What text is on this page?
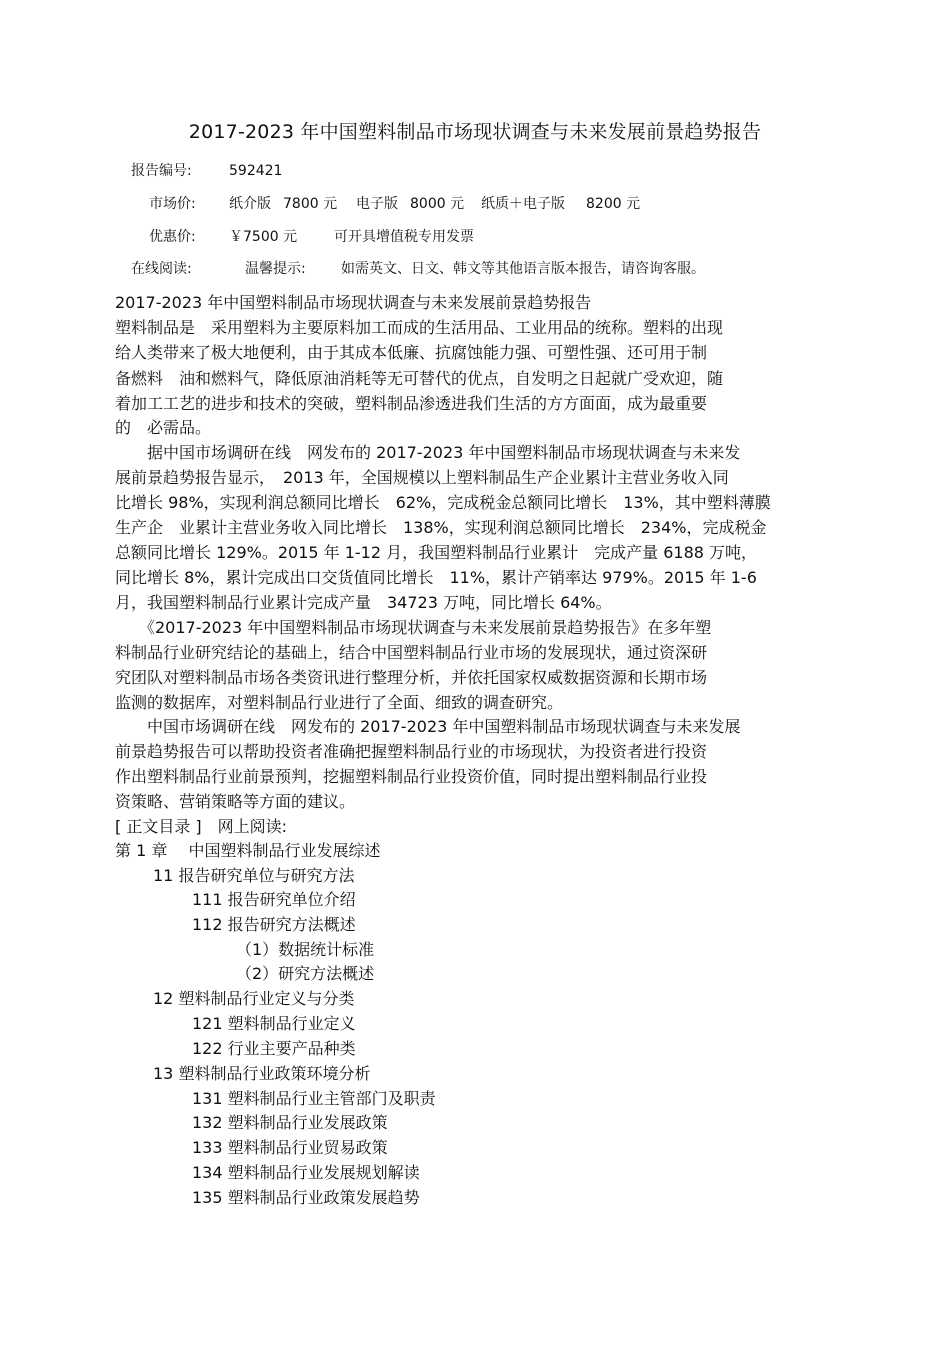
2017-2023 年中国塑料制品市场现状调查与未来发展前景趋势报告
报告编号:	592421
市场价: 纸介版 7800 元 电子版 8000 元 纸质＋电子版 8200 元
优惠价: ￥7500 元	可开具增值税专用发票
在线阅读:	温馨提示:	如需英文、日文、韩文等其他语言版本报告，请咨询客服。
2017-2023 年中国塑料制品市场现状调查与未来发展前景趋势报告
塑料制品是　采用塑料为主要原料加工而成的生活用品、工业用品的统称。塑料的出现
给人类带来了极大地便利，由于其成本低廉、抗腐蚀能力强、可塑性强、还可用于制
备燃料　油和燃料气，降低原油消耗等无可替代的优点，自发明之日起就广受欢迎，随
着加工工艺的进步和技术的突破，塑料制品渗透进我们生活的方方面面，成为最重要
的　必需品。
　　据中国市场调研在线　网发布的 2017-2023 年中国塑料制品市场现状调查与未来发
展前景趋势报告显示，　2013 年，全国规模以上塑料制品生产企业累计主营业务收入同
比增长 98%，实现利润总额同比增长　62%，完成税金总额同比增长　13%，其中塑料薄膜
生产企　业累计主营业务收入同比增长　138%，实现利润总额同比增长　234%，完成税金
总额同比增长 129%。2015 年 1-12 月，我国塑料制品行业累计　完成产量 6188 万吨，
同比增长 8%，累计完成出口交货值同比增长　11%，累计产销率达 979%。2015 年 1-6
月，我国塑料制品行业累计完成产量　34723 万吨，同比增长 64%。
　　《2017-2023 年中国塑料制品市场现状调查与未来发展前景趋势报告》在多年塑
料制品行业研究结论的基础上，结合中国塑料制品行业市场的发展现状，通过资深研
究团队对塑料制品市场各类资讯进行整理分析，并依托国家权威数据资源和长期市场
监测的数据库，对塑料制品行业进行了全面、细致的调查研究。
　　中国市场调研在线　网发布的 2017-2023 年中国塑料制品市场现状调查与未来发展
前景趋势报告可以帮助投资者准确把握塑料制品行业的市场现状，为投资者进行投资
作出塑料制品行业前景预判，挖掘塑料制品行业投资价值，同时提出塑料制品行业投
资策略、营销策略等方面的建议。
[ 正文目录 ]　网上阅读:
第 1 章　 中国塑料制品行业发展综述
11 报告研究单位与研究方法
111 报告研究单位介绍
112 报告研究方法概述
（1）数据统计标准
（2）研究方法概述
12 塑料制品行业定义与分类
121 塑料制品行业定义
122 行业主要产品种类
13 塑料制品行业政策环境分析
131 塑料制品行业主管部门及职责
132 塑料制品行业发展政策
133 塑料制品行业贸易政策
134 塑料制品行业发展规划解读
135 塑料制品行业政策发展趋势
